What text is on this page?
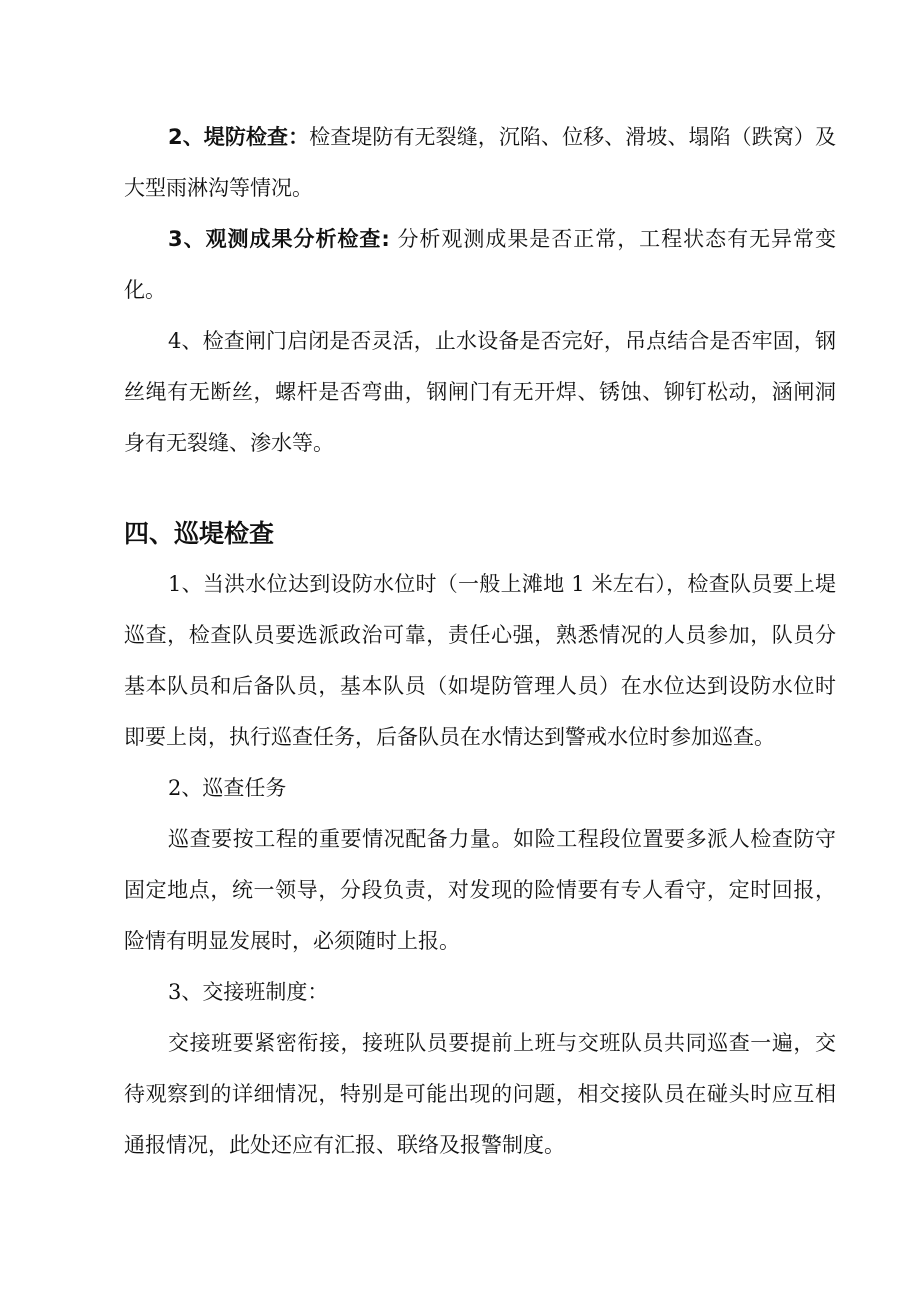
2、堤防检查：检查堤防有无裂缝，沉陷、位移、滑坡、塌陷（跌窝）及大型雨淋沟等情况。

3、观测成果分析检查: 分析观测成果是否正常，工程状态有无异常变化。

4、检查闸门启闭是否灵活，止水设备是否完好，吊点结合是否牢固，钢丝绳有无断丝，螺杆是否弯曲，钢闸门有无开焊、锈蚀、铆钉松动，涵闸洞身有无裂缝、渗水等。

四、巡堤检查

1、当洪水位达到设防水位时（一般上滩地 1 米左右），检查队员要上堤巡查，检查队员要选派政治可靠，责任心强，熟悉情况的人员参加，队员分基本队员和后备队员，基本队员（如堤防管理人员）在水位达到设防水位时即要上岗，执行巡查任务，后备队员在水情达到警戒水位时参加巡查。

2、巡查任务

巡查要按工程的重要情况配备力量。如险工程段位置要多派人检查防守固定地点，统一领导，分段负责，对发现的险情要有专人看守，定时回报，险情有明显发展时，必须随时上报。

3、交接班制度：

交接班要紧密衔接，接班队员要提前上班与交班队员共同巡查一遍，交待观察到的详细情况，特别是可能出现的问题，相交接队员在碰头时应互相通报情况，此处还应有汇报、联络及报警制度。
